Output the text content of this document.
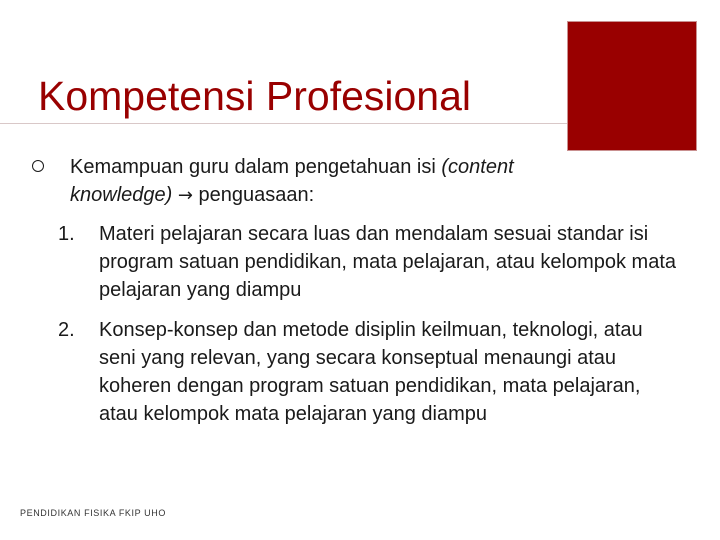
Kompetensi Profesional

Kemampuan guru dalam pengetahuan isi (content knowledge) → penguasaan:

1.	Materi pelajaran secara luas dan mendalam sesuai standar isi program satuan pendidikan, mata pelajaran, atau kelompok mata pelajaran yang diampu
2.	Konsep-konsep dan metode disiplin keilmuan, teknologi, atau seni yang relevan, yang secara konseptual menaungi atau koheren dengan program satuan pendidikan, mata pelajaran, atau kelompok mata pelajaran yang diampu
PENDIDIKAN FISIKA FKIP UHO
